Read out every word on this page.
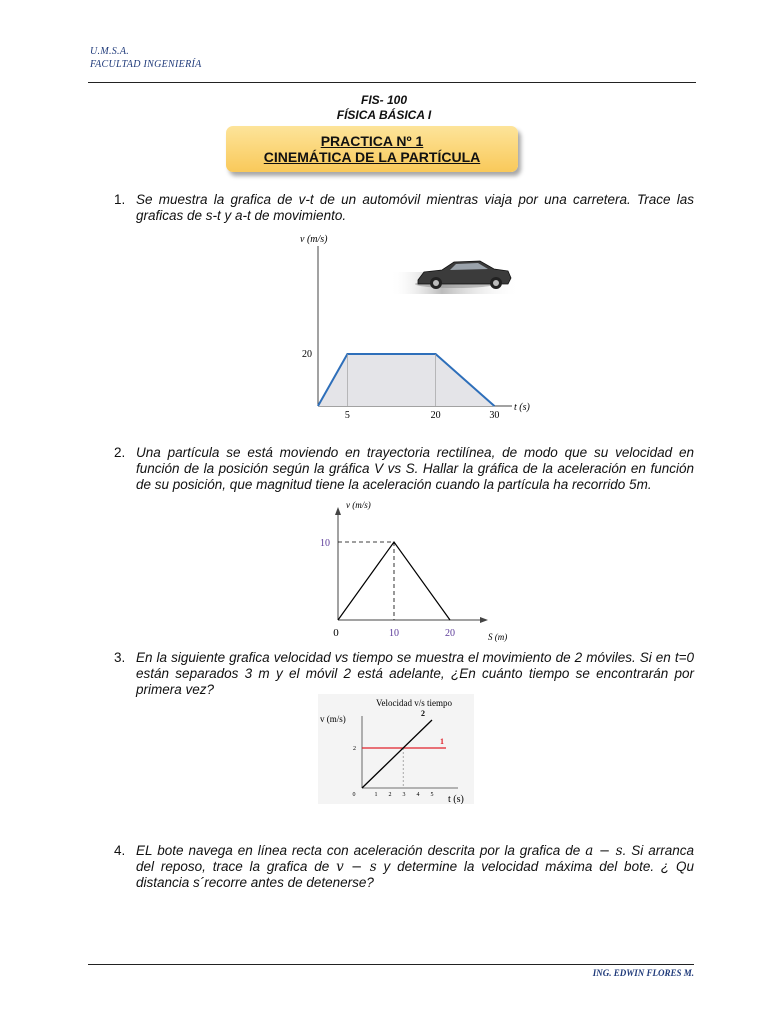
U.M.S.A.
FACULTAD INGENIERÍA
FIS- 100
FÍSICA BÁSICA I
PRACTICA Nº 1
CINEMÁTICA DE LA PARTÍCULA
1. Se muestra la grafica de v-t de un automóvil mientras viaja por una carretera. Trace las graficas de s-t y a-t de movimiento.
v (m/s)
5	20	30
20
t (s)
2. Una partícula se está moviendo en trayectoria rectilínea, de modo que su velocidad en función de la posición según la gráfica V vs S. Hallar la gráfica de la aceleración en función de su posición, que magnitud tiene la aceleración cuando la partícula ha recorrido 5m.
v (m/s)
0	10	20
10
S (m)
3. En la siguiente grafica velocidad vs tiempo se muestra el movimiento de 2 móviles. Si en t=0 están separados 3 m y el móvil 2 está adelante, ¿En cuánto tiempo se encontrarán por primera vez?
Velocidad v/s tiempo
v (m/s)
1
2
0	1 2 3 4 5
2
t (s)
4. EL bote navega en línea recta con aceleración descrita por la grafica de a − s. Si arranca del reposo, trace la grafica de v − s y determine la velocidad máxima del bote. ¿ Qu distancia s´recorre antes de detenerse?
ING. EDWIN FLORES M.
